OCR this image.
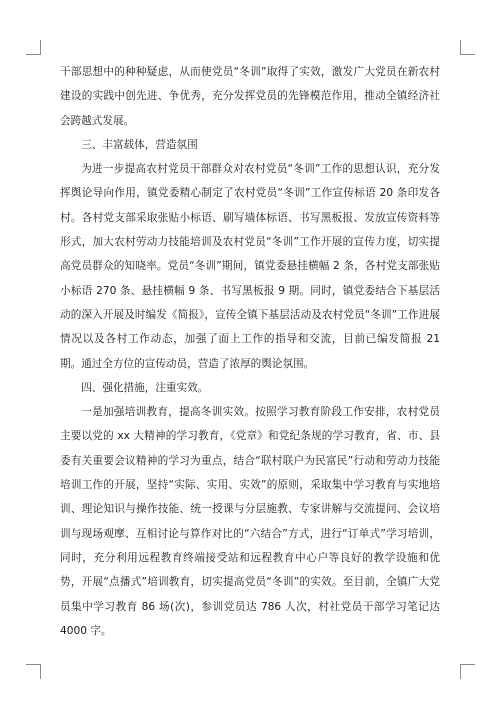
干部思想中的种种疑虑，从而使党员“冬训”取得了实效，激发广大党员在新农村建设的实践中创先进、争优秀，充分发挥党员的先锋模范作用，推动全镇经济社会跨越式发展。

三、丰富载体，营造氛围

为进一步提高农村党员干部群众对农村党员“冬训”工作的思想认识，充分发挥舆论导向作用，镇党委精心制定了农村党员“冬训”工作宣传标语 20 条印发各村。各村党支部采取张贴小标语、刷写墙体标语、书写黑板报、发放宣传资料等形式，加大农村劳动力技能培训及农村党员“冬训”工作开展的宣传力度，切实提高党员群众的知晓率。党员“冬训”期间，镇党委悬挂横幅 2 条，各村党支部张贴小标语 270 条、悬挂横幅 9 条、书写黑板报 9 期。同时，镇党委结合下基层活动的深入开展及时编发《简报》，宣传全镇下基层活动及农村党员“冬训”工作进展情况以及各村工作动态，加强了面上工作的指导和交流，目前已编发简报 21 期。通过全方位的宣传动员，营造了浓厚的舆论氛围。

四、强化措施，注重实效。

一是加强培训教育，提高冬训实效。按照学习教育阶段工作安排，农村党员主要以党的 xx 大精神的学习教育，《党章》和党纪条规的学习教育，省、市、县委有关重要会议精神的学习为重点，结合“联村联户为民富民”行动和劳动力技能培训工作的开展，坚持“实际、实用、实效”的原则，采取集中学习教育与实地培训、理论知识与操作技能、统一授课与分层施教、专家讲解与交流提问、会议培训与现场观摩、互相讨论与算作对比的“六结合”方式，进行“订单式”学习培训，同时，充分利用远程教育终端接受站和远程教育中心户等良好的教学设施和优势，开展“点播式”培训教育，切实提高党员“冬训”的实效。至目前，全镇广大党员集中学习教育 86 场(次)，参训党员达 786 人次，村社党员干部学习笔记达 4000 字。
